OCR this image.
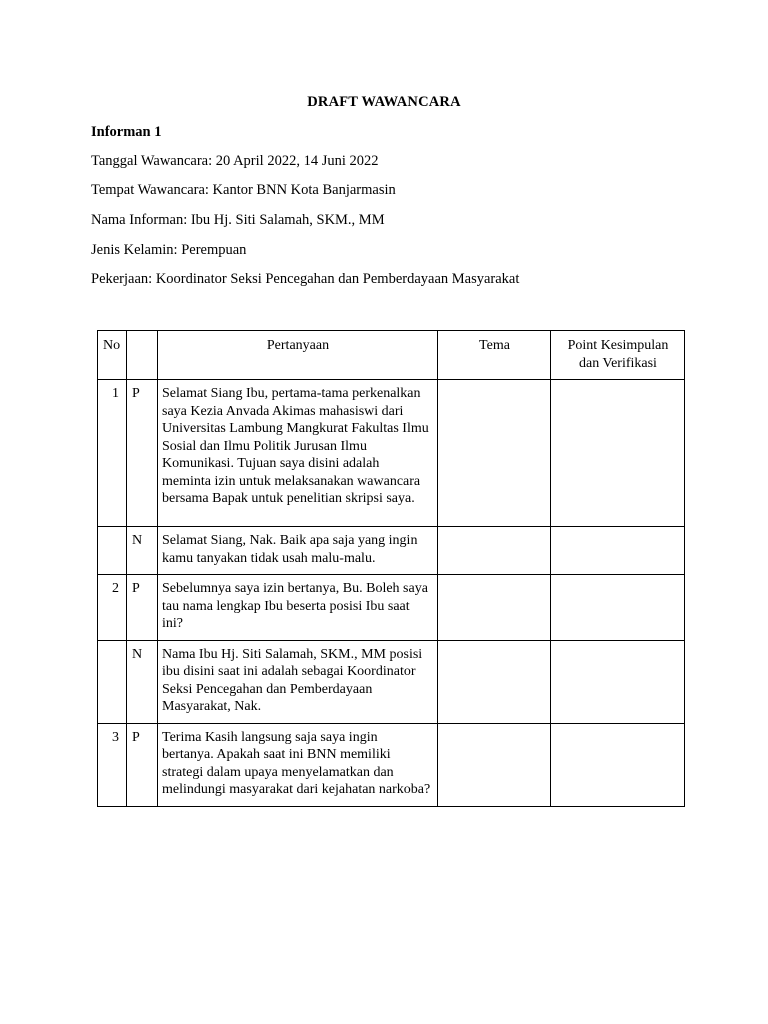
DRAFT WAWANCARA
Informan 1
Tanggal Wawancara: 20 April 2022, 14 Juni 2022
Tempat Wawancara: Kantor BNN Kota Banjarmasin
Nama Informan: Ibu Hj. Siti Salamah, SKM., MM
Jenis Kelamin: Perempuan
Pekerjaan: Koordinator Seksi Pencegahan dan Pemberdayaan Masyarakat
No		Pertanyaan	Tema	Point Kesimpulan dan Verifikasi
1	P	Selamat Siang Ibu, pertama-tama perkenalkan saya Kezia Anvada Akimas mahasiswi dari Universitas Lambung Mangkurat Fakultas Ilmu Sosial dan Ilmu Politik Jurusan Ilmu Komunikasi. Tujuan saya disini adalah meminta izin untuk melaksanakan wawancara bersama Bapak untuk penelitian skripsi saya.		
	N	Selamat Siang, Nak. Baik apa saja yang ingin kamu tanyakan tidak usah malu-malu.		
2	P	Sebelumnya saya izin bertanya, Bu. Boleh saya tau nama lengkap Ibu beserta posisi Ibu saat ini?		
	N	Nama Ibu Hj. Siti Salamah, SKM., MM posisi ibu disini saat ini adalah sebagai Koordinator Seksi Pencegahan dan Pemberdayaan Masyarakat, Nak.		
3	P	Terima Kasih langsung saja saya ingin bertanya. Apakah saat ini BNN memiliki strategi dalam upaya menyelamatkan dan melindungi masyarakat dari kejahatan narkoba?		
